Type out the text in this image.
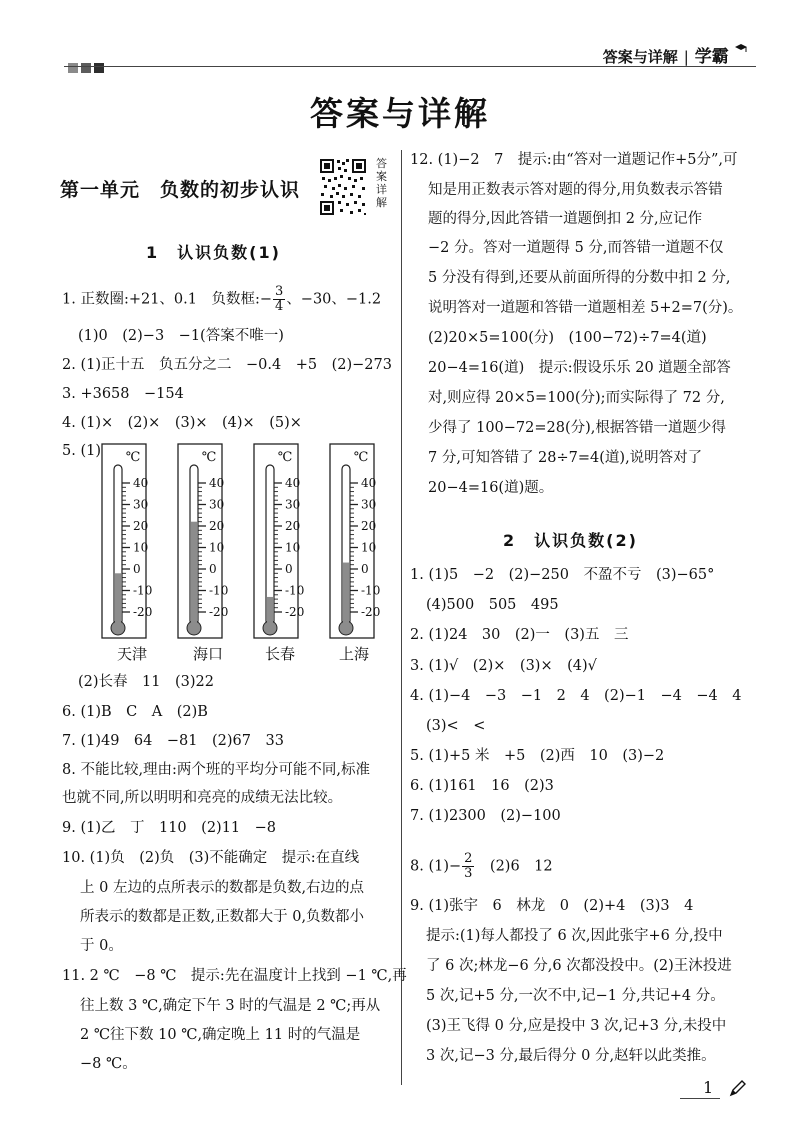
答案与详解 | 学霸
答案与详解
第一单元　负数的初步认识
答案详解
1　认识负数(1)
1. 正数圈:+21、0.1　负数框:− $\frac{3}{4}$ 、−30、−1.2
(1)0　(2)−3　−1(答案不唯一)
2. (1)正十五　负五分之二　−0.4　+5　(2)−273
3. +3658　−154
4. (1)×　(2)×　(3)×　(4)×　(5)×
5. (1) ℃
40
30
20
10
0
-10
-20
℃
40
30
20
10
0
-10
-20
℃
40
30
20
10
0
-10
-20
℃
40
30
20
10
0
-10
-20
天津	海口	长春	上海
(2)长春　11　(3)22
6. (1)B　C　A　(2)B
7. (1)49　64　−81　(2)67　33
8. 不能比较,理由:两个班的平均分可能不同,标准
也就不同,所以明明和亮亮的成绩无法比较。
9. (1)乙　丁　110　(2)11　−8
10. (1)负　(2)负　(3)不能确定　提示:在直线
上 0 左边的点所表示的数都是负数,右边的点
所表示的数都是正数,正数都大于 0,负数都小
于 0。
11. 2 ℃　−8 ℃　提示:先在温度计上找到 −1 ℃,再
往上数 3 ℃,确定下午 3 时的气温是 2 ℃;再从
2 ℃往下数 10 ℃,确定晚上 11 时的气温是
−8 ℃。
12. (1)−2　7　提示:由“答对一道题记作+5分”,可
知是用正数表示答对题的得分,用负数表示答错
题的得分,因此答错一道题倒扣 2 分,应记作
−2 分。答对一道题得 5 分,而答错一道题不仅
5 分没有得到,还要从前面所得的分数中扣 2 分,
说明答对一道题和答错一道题相差 5+2=7(分)。
(2)20×5=100(分)　(100−72)÷7=4(道)
20−4=16(道)　提示:假设乐乐 20 道题全部答
对,则应得 20×5=100(分);而实际得了 72 分,
少得了 100−72=28(分),根据答错一道题少得
7 分,可知答错了 28÷7=4(道),说明答对了
20−4=16(道)题。
2　认识负数(2)
1. (1)5　−2　(2)−250　不盈不亏　(3)−65°
(4)500　505　495
2. (1)24　30　(2)一　(3)五　三
3. (1)√　(2)×　(3)×　(4)√
4. (1)−4　−3　−1　2　4　(2)−1　−4　−4　4
(3)<　<
5. (1)+5 米　+5　(2)西　10　(3)−2
6. (1)161　16　(2)3
7. (1)2300　(2)−100
8. $(1)- \frac{2}{3}$ 　(2)6　12
9. (1)张宇　6　林龙　0　(2)+4　(3)3　4
提示:(1)每人都投了 6 次,因此张宇+6 分,投中
了 6 次;林龙−6 分,6 次都没投中。(2)王沐投进
5 次,记+5 分,一次不中,记−1 分,共记+4 分。
(3)王飞得 0 分,应是投中 3 次,记+3 分,未投中
3 次,记−3 分,最后得分 0 分,赵轩以此类推。
1
